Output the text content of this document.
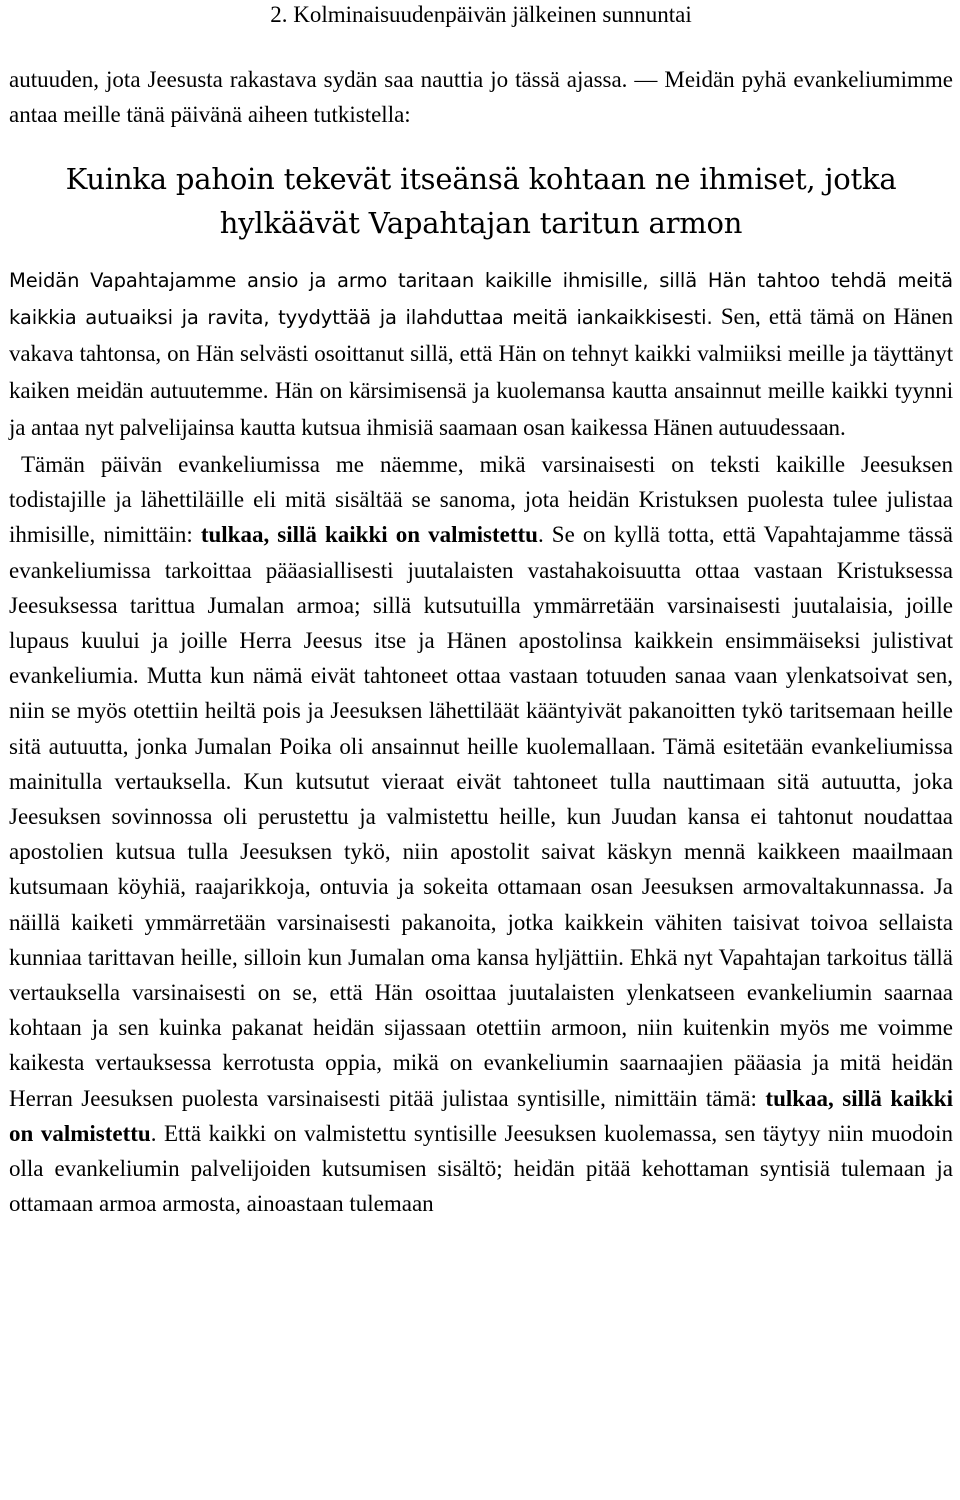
2. Kolminaisuudenpäivän jälkeinen sunnuntai

autuuden, jota Jeesusta rakastava sydän saa nauttia jo tässä ajassa. — Meidän pyhä evankeliumimme antaa meille tänä päivänä aiheen tutkistella:

Kuinka pahoin tekevät itseänsä kohtaan ne ihmiset, jotka hylkäävät Vapahtajan taritun armon
Meidän Vapahtajamme ansio ja armo taritaan kaikille ihmisille, sillä Hän tahtoo tehdä meitä kaikkia autuaiksi ja ravita, tyydyttää ja ilahduttaa meitä iankaikkisesti. Sen, että tämä on Hänen vakava tahtonsa, on Hän selvästi osoittanut sillä, että Hän on tehnyt kaikki valmiiksi meille ja täyttänyt kaiken meidän autuutemme. Hän on kärsimisensä ja kuolemansa kautta ansainnut meille kaikki tyynni ja antaa nyt palvelijainsa kautta kutsua ihmisiä saamaan osan kaikessa Hänen autuudessaan.

Tämän päivän evankeliumissa me näemme, mikä varsinaisesti on teksti kaikille Jeesuksen todistajille ja lähettiläille eli mitä sisältää se sanoma, jota heidän Kristuksen puolesta tulee julistaa ihmisille, nimittäin: tulkaa, sillä kaikki on valmistettu. Se on kyllä totta, että Vapahtajamme tässä evankeliumissa tarkoittaa pääasiallisesti juutalaisten vastahakoisuutta ottaa vastaan Kristuksessa Jeesuksessa tarittua Jumalan armoa; sillä kutsutuilla ymmärretään varsinaisesti juutalaisia, joille lupaus kuului ja joille Herra Jeesus itse ja Hänen apostolinsa kaikkein ensimmäiseksi julistivat evankeliumia. Mutta kun nämä eivät tahtoneet ottaa vastaan totuuden sanaa vaan ylenkatsoivat sen, niin se myös otettiin heiltä pois ja Jeesuksen lähettiläät kääntyivät pakanoitten tykö taritsemaan heille sitä autuutta, jonka Jumalan Poika oli ansainnut heille kuolemallaan. Tämä esitetään evankeliumissa mainitulla vertauksella. Kun kutsutut vieraat eivät tahtoneet tulla nauttimaan sitä autuutta, joka Jeesuksen sovinnossa oli perustettu ja valmistettu heille, kun Juudan kansa ei tahtonut noudattaa apostolien kutsua tulla Jeesuksen tykö, niin apostolit saivat käskyn mennä kaikkeen maailmaan kutsumaan köyhiä, raajarikkoja, ontuvia ja sokeita ottamaan osan Jeesuksen armovaltakunnassa. Ja näillä kaiketi ymmärretään varsinaisesti pakanoita, jotka kaikkein vähiten taisivat toivoa sellaista kunniaa tarittavan heille, silloin kun Jumalan oma kansa hyljättiin. Ehkä nyt Vapahtajan tarkoitus tällä vertauksella varsinaisesti on se, että Hän osoittaa juutalaisten ylenkatseen evankeliumin saarnaa kohtaan ja sen kuinka pakanat heidän sijassaan otettiin armoon, niin kuitenkin myös me voimme kaikesta vertauksessa kerrotusta oppia, mikä on evankeliumin saarnaajien pääasia ja mitä heidän Herran Jeesuksen puolesta varsinaisesti pitää julistaa syntisille, nimittäin tämä: tulkaa, sillä kaikki on valmistettu. Että kaikki on valmistettu syntisille Jeesuksen kuolemassa, sen täytyy niin muodoin olla evankeliumin palvelijoiden kutsumisen sisältö; heidän pitää kehottaman syntisiä tulemaan ja ottamaan armoa armosta, ainoastaan tulemaan
